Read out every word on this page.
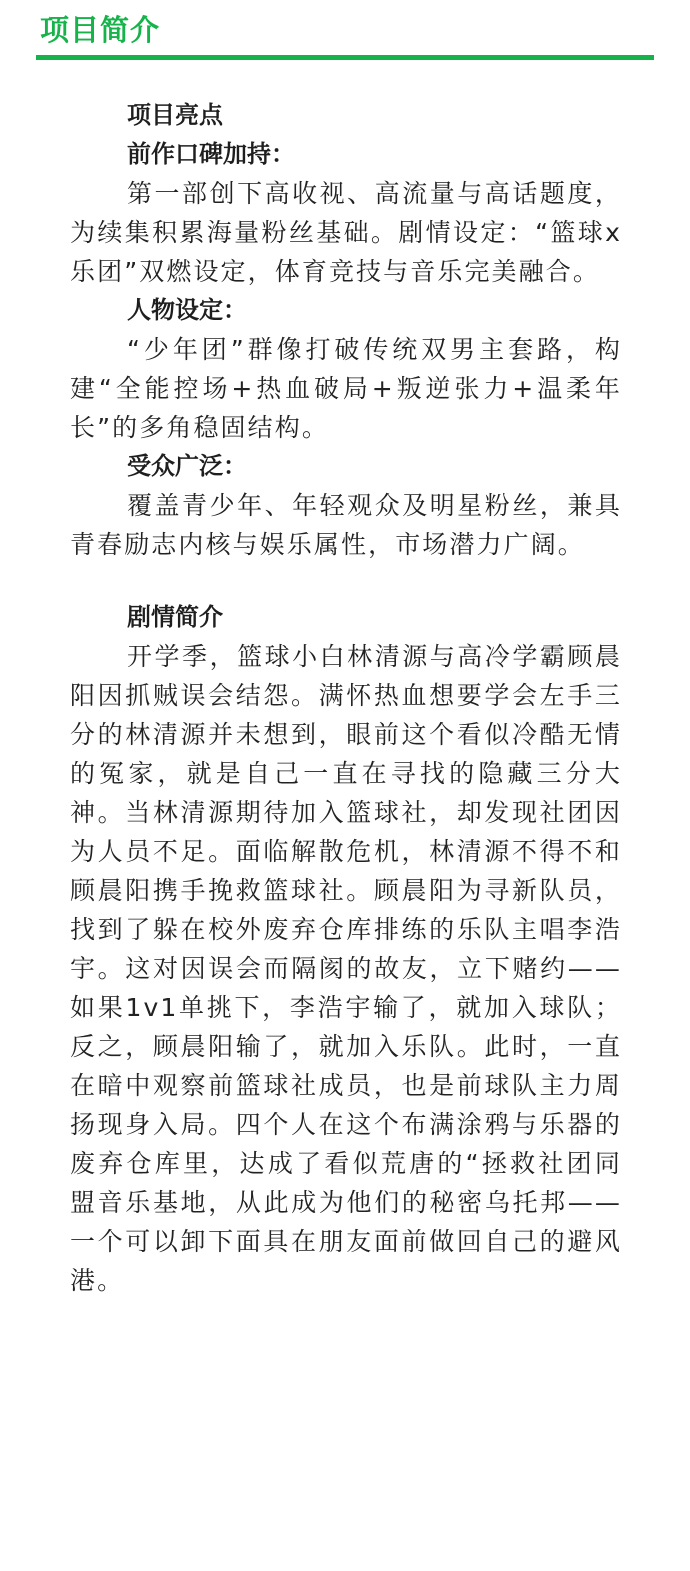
项目简介
项目亮点
前作口碑加持：
第一部创下高收视、高流量与高话题度，为续集积累海量粉丝基础。剧情设定：“篮球x乐团”双燃设定，体育竞技与音乐完美融合。
人物设定：
“少年团”群像打破传统双男主套路，构建“全能控场+热血破局+叛逆张力+温柔年长”的多角稳固结构。
受众广泛：
覆盖青少年、年轻观众及明星粉丝，兼具青春励志内核与娱乐属性，市场潜力广阔。
剧情简介
开学季，篮球小白林清源与高冷学霸顾晨阳因抓贼误会结怨。满怀热血想要学会左手三分的林清源并未想到，眼前这个看似冷酷无情的冤家，就是自己一直在寻找的隐藏三分大神。当林清源期待加入篮球社，却发现社团因为人员不足。面临解散危机，林清源不得不和顾晨阳携手挽救篮球社。顾晨阳为寻新队员，找到了躲在校外废弃仓库排练的乐队主唱李浩宇。这对因误会而隔阂的故友，立下赌约——如果1v1单挑下，李浩宇输了，就加入球队；反之，顾晨阳输了，就加入乐队。此时，一直在暗中观察前篮球社成员，也是前球队主力周扬现身入局。四个人在这个布满涂鸦与乐器的废弃仓库里，达成了看似荒唐的“拯救社团同盟音乐基地，从此成为他们的秘密乌托邦——一个可以卸下面具在朋友面前做回自己的避风港。
